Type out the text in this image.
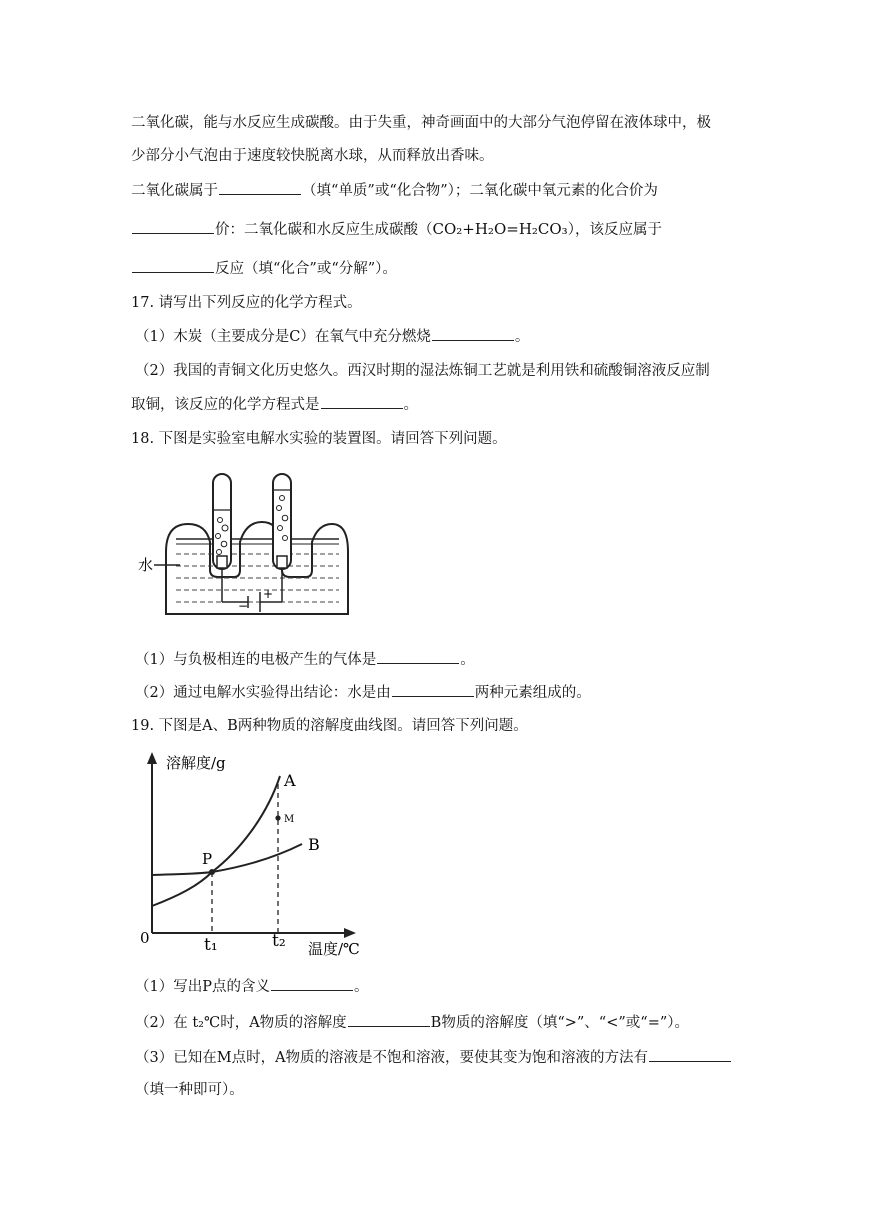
二氧化碳，能与水反应生成碳酸。由于失重，神奇画面中的大部分气泡停留在液体球中，极
少部分小气泡由于速度较快脱离水球，从而释放出香味。
二氧化碳属于	（填“单质”或“化合物”）；二氧化碳中氧元素的化合价为
价：二氧化碳和水反应生成碳酸（CO₂+H₂O=H₂CO₃），该反应属于
反应（填“化合”或“分解”）。
17. 请写出下列反应的化学方程式。
（1）木炭（主要成分是C）在氧气中充分燃烧	。
（2）我国的青铜文化历史悠久。西汉时期的湿法炼铜工艺就是利用铁和硫酸铜溶液反应制
取铜，该反应的化学方程式是	。
18. 下图是实验室电解水实验的装置图。请回答下列问题。
−
+
水
（1）与负极相连的电极产生的气体是	。
（2）通过电解水实验得出结论：水是由	两种元素组成的。
19. 下图是A、B两种物质的溶解度曲线图。请回答下列问题。
溶解度/g
温度/℃
0	t₁	t₂
A
B
P
M
（1）写出P点的含义	。
（2）在 t₂℃时，A物质的溶解度	B物质的溶解度（填“>”、“<”或“=”）。
（3）已知在M点时，A物质的溶液是不饱和溶液，要使其变为饱和溶液的方法有
（填一种即可）。
